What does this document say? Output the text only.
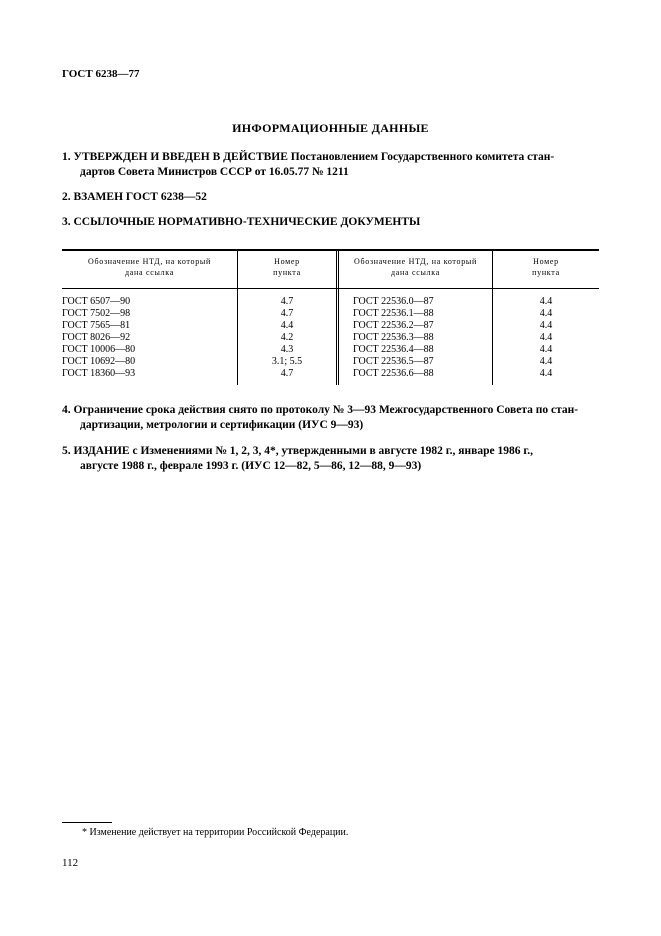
ГОСТ 6238—77
ИНФОРМАЦИОННЫЕ ДАННЫЕ
1. УТВЕРЖДЕН И ВВЕДЕН В ДЕЙСТВИЕ Постановлением Государственного комитета стан-
дартов Совета Министров СССР от 16.05.77 № 1211
2. ВЗАМЕН ГОСТ 6238—52
3. ССЫЛОЧНЫЕ НОРМАТИВНО-ТЕХНИЧЕСКИЕ ДОКУМЕНТЫ
Обозначение НТД, на который
дана ссылка
Номер
пункта
Обозначение НТД, на который
дана ссылка
Номер
пункта
ГОСТ 6507—90
ГОСТ 7502—98
ГОСТ 7565—81
ГОСТ 8026—92
ГОСТ 10006—80
ГОСТ 10692—80
ГОСТ 18360—93
4.7
4.7
4.4
4.2
4.3
3.1; 5.5
4.7
ГОСТ 22536.0—87
ГОСТ 22536.1—88
ГОСТ 22536.2—87
ГОСТ 22536.3—88
ГОСТ 22536.4—88
ГОСТ 22536.5—87
ГОСТ 22536.6—88
4.4
4.4
4.4
4.4
4.4
4.4
4.4
4. Ограничение срока действия снято по протоколу № 3—93 Межгосударственного Совета по стан-
дартизации, метрологии и сертификации (ИУС 9—93)
5. ИЗДАНИЕ с Изменениями № 1, 2, 3, 4*, утвержденными в августе 1982 г., январе 1986 г.,
августе 1988 г., феврале 1993 г. (ИУС 12—82, 5—86, 12—88, 9—93)
* Изменение действует на территории Российской Федерации.
112
